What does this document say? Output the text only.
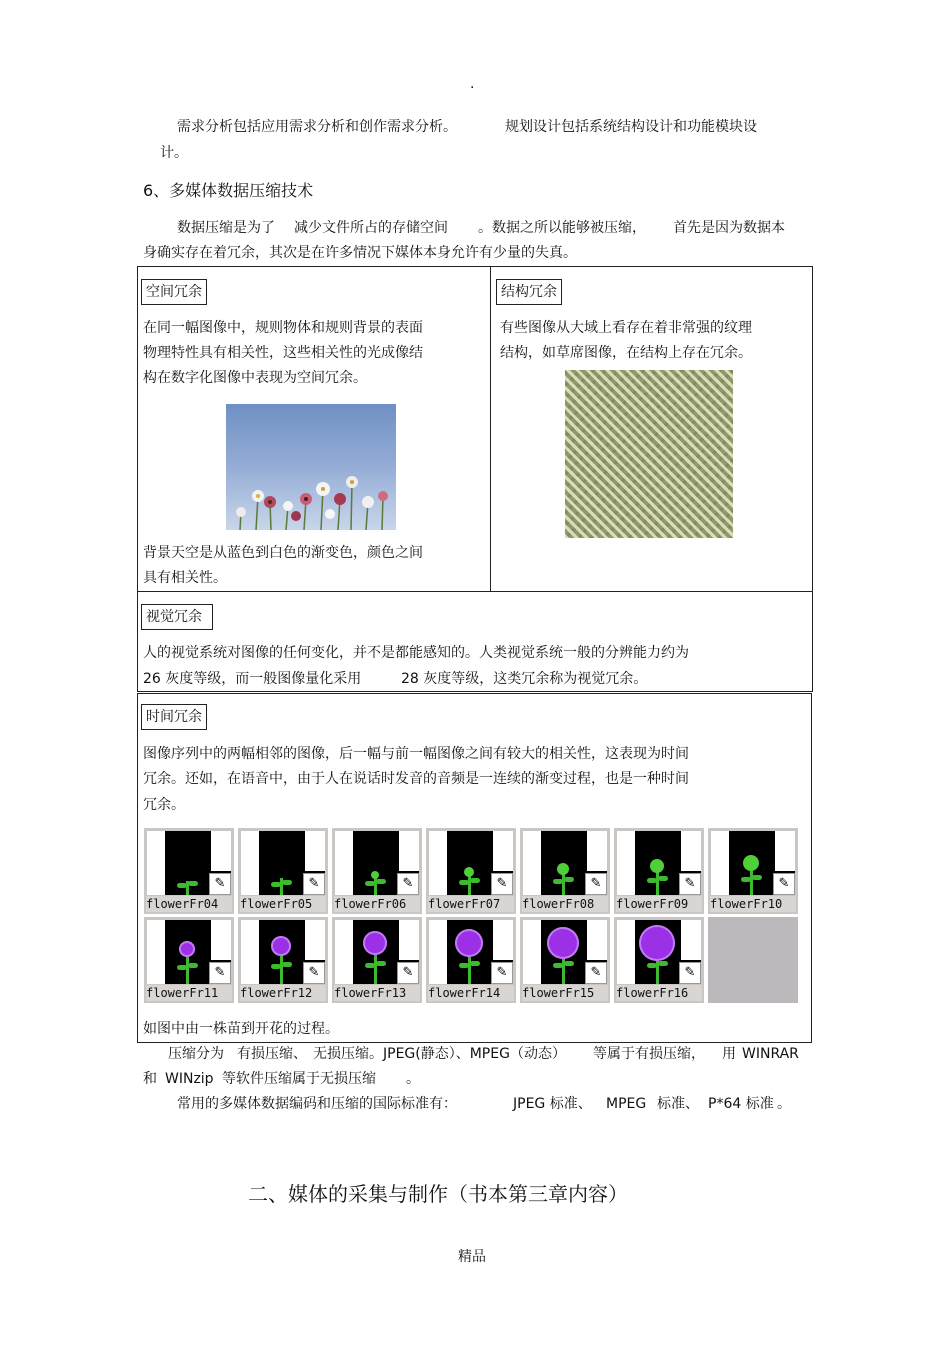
.
需求分析包括应用需求分析和创作需求分析。	规划设计包括系统结构设计和功能模块设
计。
6、多媒体数据压缩技术
数据压缩是为了 减少文件所占的存储空间 。数据之所以能够被压缩， 首先是因为数据本
身确实存在着冗余，其次是在许多情况下媒体本身允许有少量的失真。
空间冗余
在同一幅图像中，规则物体和规则背景的表面
物理特性具有相关性，这些相关性的光成像结
构在数字化图像中表现为空间冗余。
背景天空是从蓝色到白色的渐变色，颜色之间
具有相关性。
结构冗余
有些图像从大域上看存在着非常强的纹理
结构，如草席图像，在结构上存在冗余。
视觉冗余
人的视觉系统对图像的任何变化，并不是都能感知的。人类视觉系统一般的分辨能力约为
26 灰度等级，而一般图像量化采用	28 灰度等级，这类冗余称为视觉冗余。
时间冗余
图像序列中的两幅相邻的图像，后一幅与前一幅图像之间有较大的相关性，这表现为时间
冗余。还如，在语音中，由于人在说话时发音的音频是一连续的渐变过程，也是一种时间
冗余。
✎
flowerFr04
✎
flowerFr05
✎
flowerFr06
✎
flowerFr07
✎
flowerFr08
✎
flowerFr09
✎
flowerFr10
✎
flowerFr11
✎
flowerFr12
✎
flowerFr13
✎
flowerFr14
✎
flowerFr15
✎
flowerFr16
如图中由一株苗到开花的过程。
压缩分为 有损压缩、 无损压缩。JPEG(静态）、MPEG（动态） 等属于有损压缩， 用 WINRAR
和 WINzip 等软件压缩属于无损压缩 。
常用的多媒体数据编码和压缩的国际标准有：	JPEG 标准、 MPEG 标准、 P*64 标准 。
二、媒体的采集与制作（书本第三章内容）
精品
